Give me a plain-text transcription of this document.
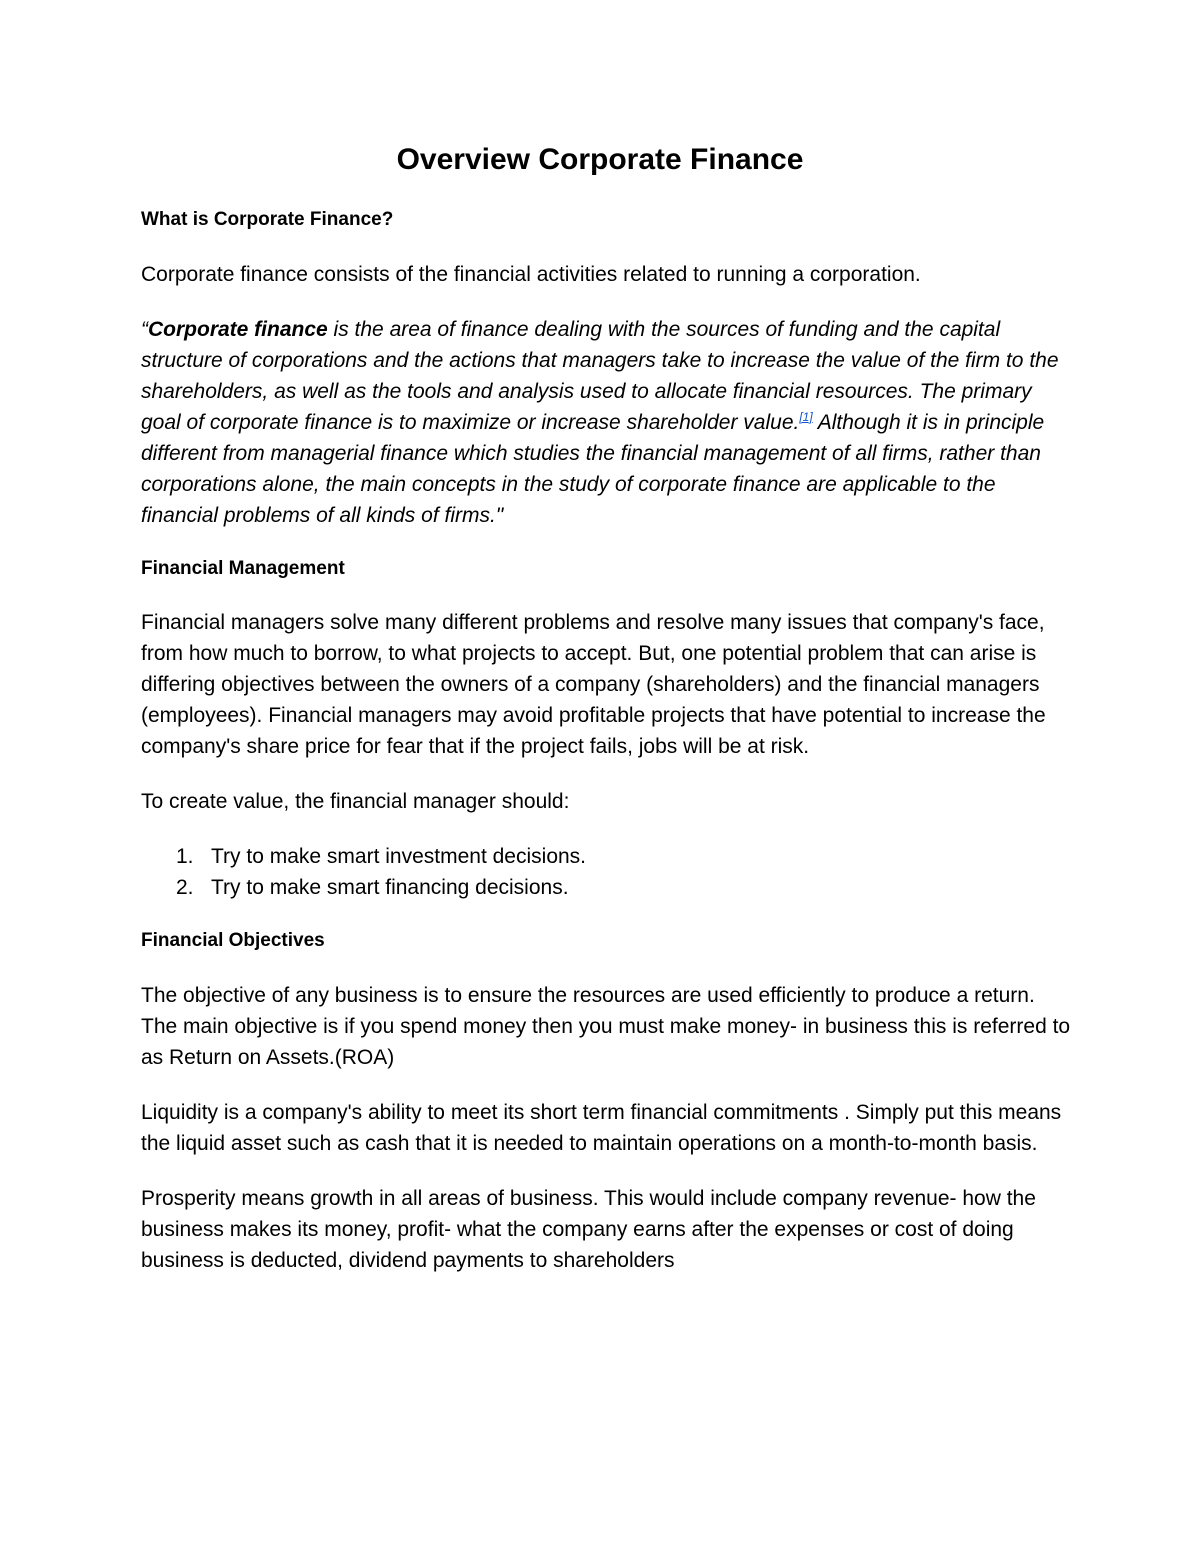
Overview Corporate Finance
What is Corporate Finance?

Corporate finance consists of the financial activities related to running a corporation.

“Corporate finance is the area of finance dealing with the sources of funding and the capital structure of corporations and the actions that managers take to increase the value of the firm to the shareholders, as well as the tools and analysis used to allocate financial resources. The primary goal of corporate finance is to maximize or increase shareholder value.[1] Although it is in principle different from managerial finance which studies the financial management of all firms, rather than corporations alone, the main concepts in the study of corporate finance are applicable to the financial problems of all kinds of firms."

Financial Management

Financial managers solve many different problems and resolve many issues that company's face, from how much to borrow, to what projects to accept. But, one potential problem that can arise is differing objectives between the owners of a company (shareholders) and the financial managers (employees). Financial managers may avoid profitable projects that have potential to increase the company's share price for fear that if the project fails, jobs will be at risk.

To create value, the financial manager should:

1. Try to make smart investment decisions.
2. Try to make smart financing decisions.
Financial Objectives

The objective of any business is to ensure the resources are used efficiently to produce a return. The main objective is if you spend money then you must make money- in business this is referred to as Return on Assets.(ROA)

Liquidity is a company's ability to meet its short term financial commitments . Simply put this means the liquid asset such as cash that it is needed to maintain operations on a month-to-month basis.

Prosperity means growth in all areas of business. This would include company revenue- how the business makes its money, profit- what the company earns after the expenses or cost of doing business is deducted, dividend payments to shareholders
